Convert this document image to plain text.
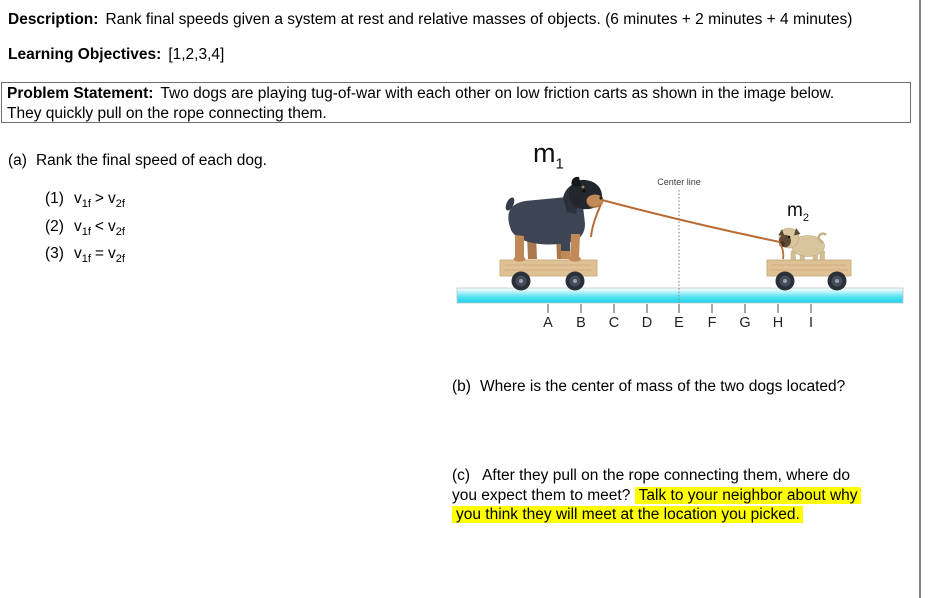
Description: Rank final speeds given a system at rest and relative masses of objects. (6 minutes + 2 minutes + 4 minutes)
Learning Objectives: [1,2,3,4]
Problem Statement: Two dogs are playing tug-of-war with each other on low friction carts as shown in the image below.
They quickly pull on the rope connecting them.
(a) Rank the final speed of each dog.
(1) $v_{1f} > v_{2f}$
(2) $v_{1f} < v_{2f}$
(3) $v_{1f} = v_{2f}$
A B C D E F G H I
$m_1$
$m_2$
Center line
(b) Where is the center of mass of the two dogs located?
(c) After they pull on the rope connecting them, where do
you expect them to meet? Talk to your neighbor about why
you think they will meet at the location you picked.
